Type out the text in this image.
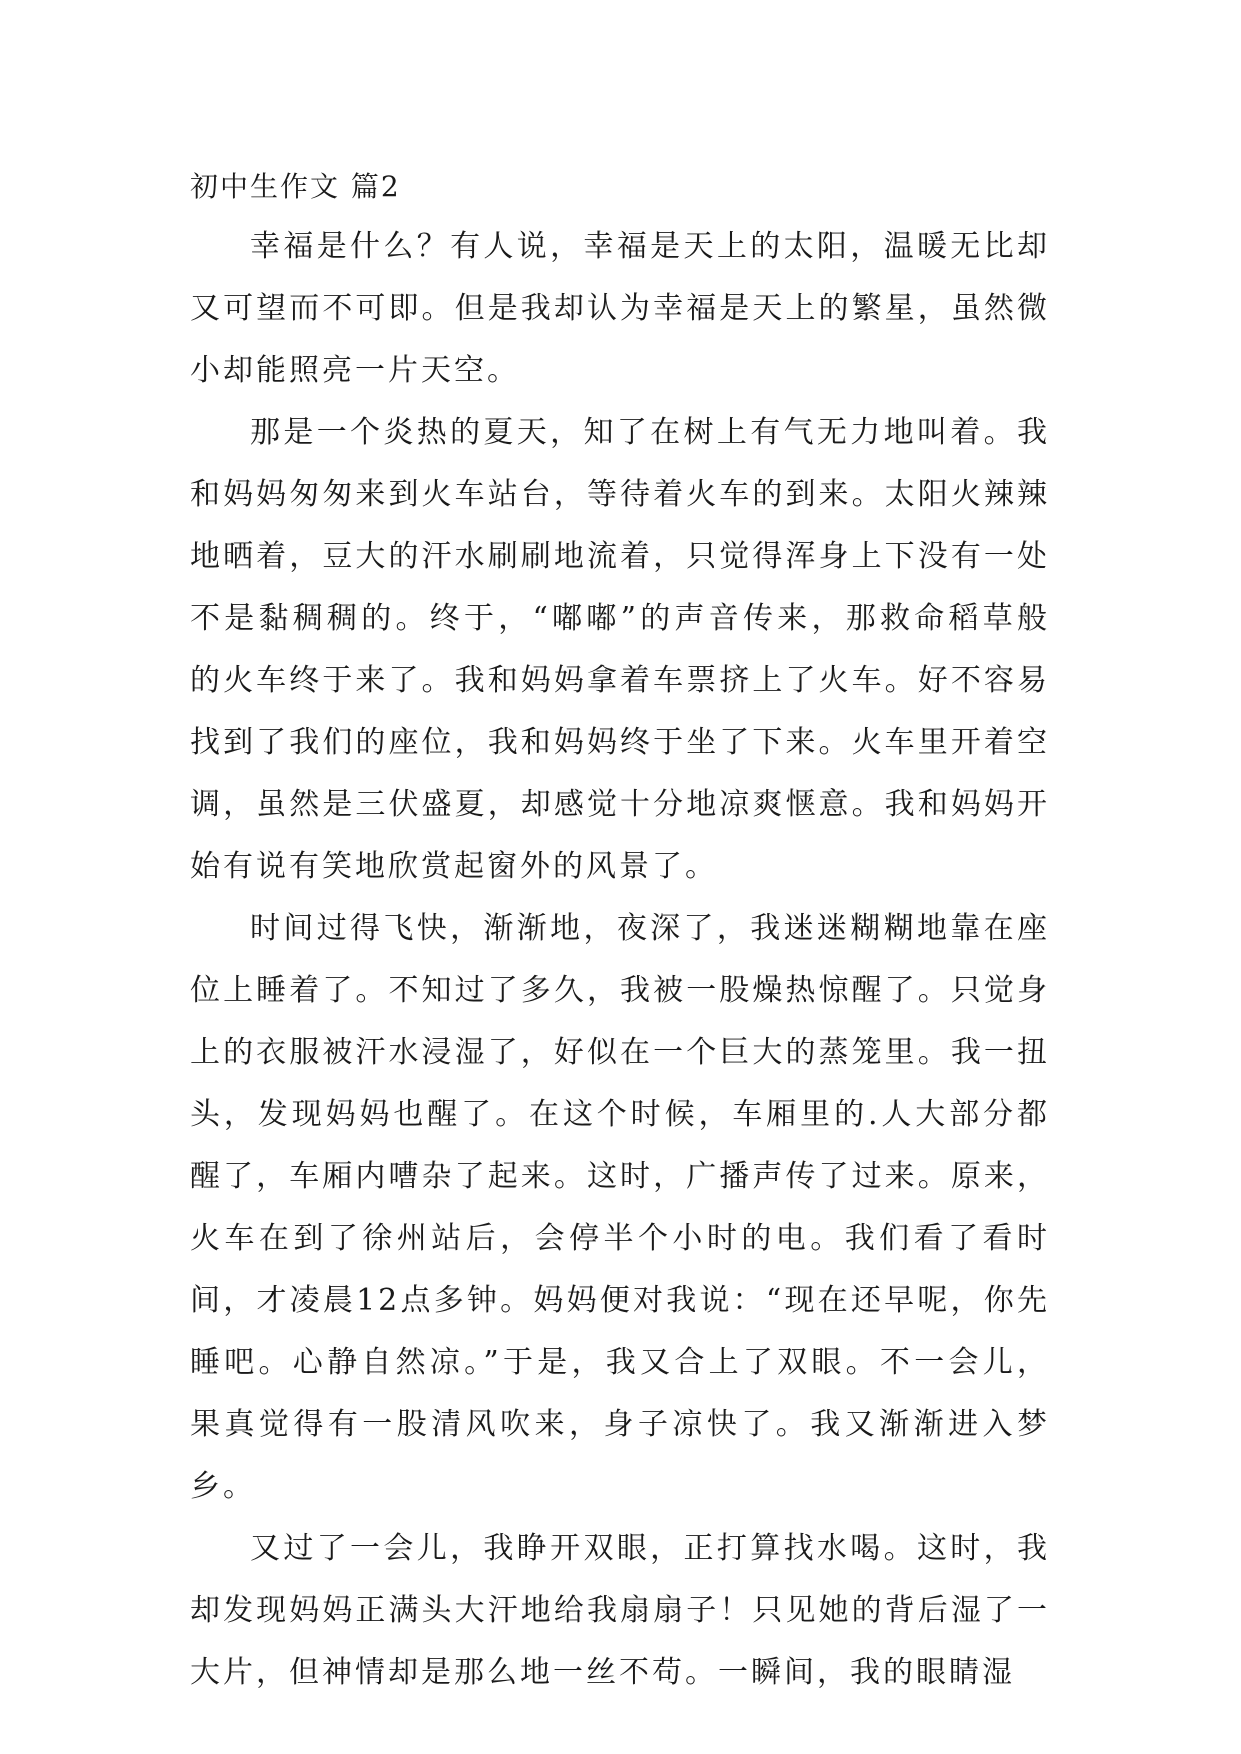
初中生作文 篇2

幸福是什么？有人说，幸福是天上的太阳，温暖无比却又可望而不可即。但是我却认为幸福是天上的繁星，虽然微小却能照亮一片天空。

那是一个炎热的夏天，知了在树上有气无力地叫着。我和妈妈匆匆来到火车站台，等待着火车的到来。太阳火辣辣地晒着，豆大的汗水刷刷地流着，只觉得浑身上下没有一处不是黏稠稠的。终于，“嘟嘟”的声音传来，那救命稻草般的火车终于来了。我和妈妈拿着车票挤上了火车。好不容易找到了我们的座位，我和妈妈终于坐了下来。火车里开着空调，虽然是三伏盛夏，却感觉十分地凉爽惬意。我和妈妈开始有说有笑地欣赏起窗外的风景了。

时间过得飞快，渐渐地，夜深了，我迷迷糊糊地靠在座位上睡着了。不知过了多久，我被一股燥热惊醒了。只觉身上的衣服被汗水浸湿了，好似在一个巨大的蒸笼里。我一扭头，发现妈妈也醒了。在这个时候，车厢里的.人大部分都醒了，车厢内嘈杂了起来。这时，广播声传了过来。原来，火车在到了徐州站后，会停半个小时的电。我们看了看时间，才凌晨12点多钟。妈妈便对我说：“现在还早呢，你先睡吧。心静自然凉。”于是，我又合上了双眼。不一会儿，果真觉得有一股清风吹来，身子凉快了。我又渐渐进入梦乡。

又过了一会儿，我睁开双眼，正打算找水喝。这时，我却发现妈妈正满头大汗地给我扇扇子！只见她的背后湿了一大片，但神情却是那么地一丝不苟。一瞬间，我的眼睛湿
